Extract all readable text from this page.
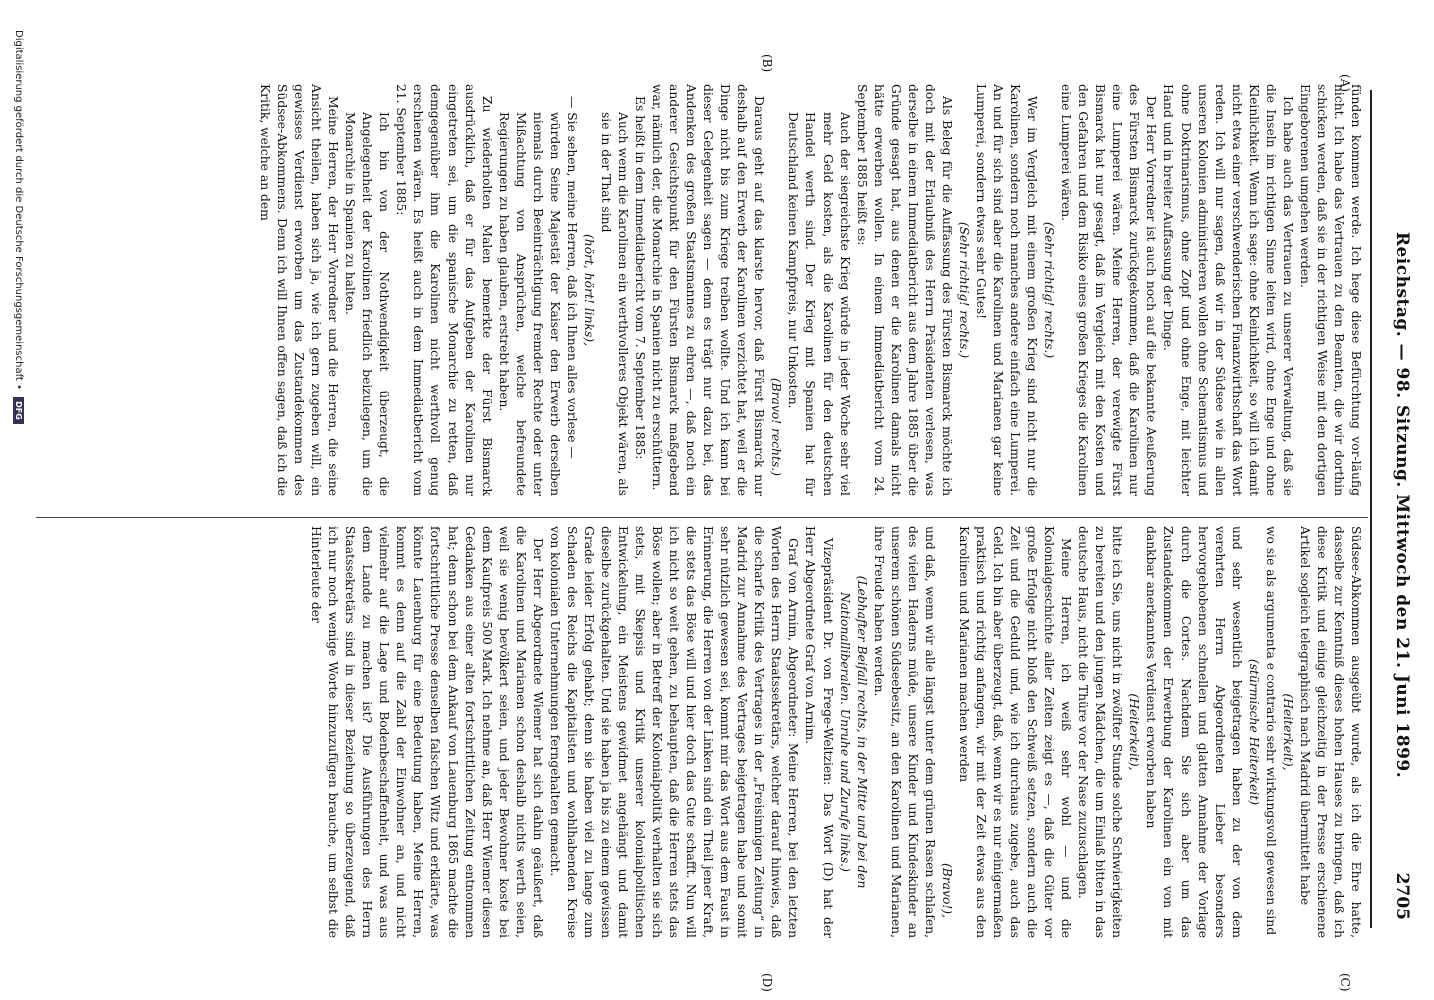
Reichstag. — 98. Sitzung. Mittwoch den 21. Juni 1899.
2705
(A)
(B)
(C)
(D)

fünden kommen werde. Ich hege diese Befürchtung vor-läufig nicht. Ich habe das Vertrauen zu den Beamten, die wir dorthin schicken werden, daß sie in der richtigen Weise mit den dortigen Eingeborenen umgehen werden.

Ich habe auch das Vertrauen zu unserer Verwaltung, daß sie die Inseln im richtigen Sinne leiten wird, ohne Enge und ohne Kleinlichkeit. Wenn ich sage: ohne Kleinlichkeit, so will ich damit nicht etwa einer verschwenderischen Finanzwirthschaft das Wort reden. Ich will nur sagen, daß wir in der Südsee wie in allen unseren Kolonien administrieren wollen ohne Schematismus und ohne Doktrinarismus, ohne Zopf und ohne Enge, mit leichter Hand und in breiter Auffassung der Dinge.

Der Herr Vorredner ist auch noch auf die bekannte Aeußerung des Fürsten Bismarck zurückgekommen, daß die Karolinen nur eine Lumperei wären. Meine Herren, der verewigte Fürst Bismarck hat nur gesagt, daß im Vergleich mit den Kosten und den Gefahren und dem Risiko eines großen Krieges die Karolinen eine Lumperei wären.

(Sehr richtig! rechts.)

Wer im Vergleich mit einem großen Krieg sind nicht nur die Karolinen, sondern noch manches andere einfach eine Lumperei. An und für sich sind aber die Karolinen und Marianen gar keine Lumperei, sondern etwas sehr Gutes!

(Sehr richtig! rechts.)

Als Beleg für die Auffassung des Fürsten Bismarck möchte ich doch mit der Erlaubniß des Herrn Präsidenten verlesen, was derselbe in einem Immediatbericht aus dem Jahre 1885 über die Gründe gesagt hat, aus denen er die Karolinen damals nicht hätte erwerben wollen. In einem Immediatbericht vom 24. September 1885 heißt es:

Auch der siegreichste Krieg würde in jeder Woche sehr viel mehr Geld kosten, als die Karolinen für den deutschen Handel werth sind. Der Krieg mit Spanien hat für Deutschland keinen Kampfpreis, nur Unkosten.

(Bravo! rechts.)

Daraus geht auf das klarste hervor, daß Fürst Bismarck nur deshalb auf den Erwerb der Karolinen verzichtet hat, weil er die Dinge nicht bis zum Kriege treiben wollte. Und ich kann bei dieser Gelegenheit sagen — denn es trägt nur dazu bei, das Andenken des großen Staatsmannes zu ehren —, daß noch ein anderer Gesichtspunkt für den Fürsten Bismarck maßgebend war, nämlich der, die Monarchie in Spanien nicht zu erschüttern.

Es heißt in dem Immediatbericht vom 7. September 1885:

Auch wenn die Karolinen ein werthvolleres Objekt wären, als sie in der That sind

(hört, hört! links),

— Sie sehen, meine Herren, daß ich Ihnen alles vorlese —

würden Seine Majestät der Kaiser den Erwerb derselben niemals durch Beeinträchtigung fremder Rechte oder unter Mißachtung von Ansprüchen, welche befreundete Regierungen zu haben glauben, erstrebt haben.

Zu wiederholten Malen bemerkte der Fürst Bismarck ausdrücklich, daß er für das Aufgeben der Karolinen nur eingetreten sei, um die spanische Monarchie zu retten, daß demgegenüber ihm die Karolinen nicht werthvoll genug erschienen wären. Es heißt auch in dem Immediatbericht vom 21. September 1885:

Ich bin von der Nothwendigkeit überzeugt, die Angelegenheit der Karolinen friedlich beizulegen, um die Monarchie in Spanien zu halten.

Meine Herren, der Herr Vorredner und die Herren, die seine Ansicht theilen, haben sich ja, wie ich gern zugeben will, ein gewisses Verdienst erworben um das Zustandekommen des Südsee-Abkommens. Denn ich will Ihnen offen sagen, daß ich die Kritik, welche an dem

Südsee-Abkommen ausgeübt wurde, als ich die Ehre hatte, dasselbe zur Kenntniß dieses hohen Hauses zu bringen, daß ich diese Kritik und einige gleichzeitig in der Presse erschienene Artikel sogleich telegraphisch nach Madrid übermittelt habe

(Heiterkeit),

wo sie als argumenta e contrario sehr wirkungsvoll gewesen sind

(stürmische Heiterkeit)

und sehr wesentlich beigetragen haben zu der von dem verehrten Herrn Abgeordneten Lieber besonders hervorgehobenen schnellen und glatten Annahme der Vorlage durch die Cortes. Nachdem Sie sich aber um das Zustandekommen der Erwerbung der Karolinen ein von mit dankbar anerkanntes Verdienst erworben haben

(Heiterkeit),

bitte ich Sie, uns nicht in zwölfter Stunde solche Schwierigkeiten zu bereiten und den jungen Mädchen, die um Einlaß bitten in das deutsche Haus, nicht die Thüre vor der Nase zuzuschlagen.

Meine Herren, ich weiß sehr wohl — und die Kolonialgeschichte aller Zeiten zeigt es —, daß die Güter vor große Erfolge nicht bloß den Schweiß setzen, sondern auch die Zeit und die Geduld und, wie ich durchaus zugebe, auch das Geld. Ich bin aber überzeugt, daß, wenn wir es nur einigermaßen praktisch und richtig anfangen, wir mit der Zeit etwas aus den Karolinen und Marianen machen werden

(Bravo!),

und daß, wenn wir alle längst unter dem grünen Rasen schlafen, des vielen Haderns müde, unsere Kinder und Kindeskinder an unserem schönen Südseebesitz, an den Karolinen und Marianen, ihre Freude haben werden.

(Lebhafter Beifall rechts, in der Mitte und bei den Nationalliberalen. Unruhe und Zurufe links.)

Vizepräsident Dr. von Frege-Weltzien: Das Wort (D) hat der Herr Abgeordnete Graf von Arnim.

Graf von Arnim, Abgeordneter: Meine Herren, bei den letzten Worten des Herrn Staatssekretärs, welcher darauf hinwies, daß die scharfe Kritik des Vertrages in der „Freisinnigen Zeitung“ in Madrid zur Annahme des Vertrages beigetragen habe und somit sehr nützlich gewesen sei, kommt mir das Wort aus dem Faust in Erinnerung, die Herren von der Linken sind ein Theil jener Kraft, die stets das Böse will und hier doch das Gute schafft. Nun will ich nicht so weit gehen, zu behaupten, daß die Herren stets das Böse wollen; aber in Betreff der Kolonialpolitik verhalten sie sich stets, mit Skepsis und Kritik unserer kolonialpolitischen Entwickelung, ein Meistens gewidmet angehängt und damit dieselbe zurückgehalten. Und sie haben ja bis zu einem gewissen Grade leider Erfolg gehabt; denn sie haben viel zu lange zum Schaden des Reichs die Kapitalisten und wohlhabenden Kreise von kolonialen Unternehmungen ferngehalten gemacht.

Der Herr Abgeordnete Wiemer hat sich dahin geäußert, daß die Karolinen und Marianen schon deshalb nichts werth seien, weil sie wenig bevölkert seien, und jeder Bewohner koste bei dem Kaufpreis 500 Mark. Ich nehme an, daß Herr Wiemer diesen Gedanken aus einer alten fortschrittlichen Zeitung entnommen hat; denn schon bei dem Ankauf von Lauenburg 1865 machte die fortschrittliche Presse denselben falschen Witz und erklärte, was könnte Lauenburg für eine Bedeutung haben, Meine Herren, kommt es denn auf die Zahl der Einwohner an, und nicht vielmehr auf die Lage und Bodenbeschaffenheit, und was aus dem Lande zu machen ist? Die Ausführungen des Herrn Staatssekretärs sind in dieser Beziehung so überzeugend, daß ich nur noch wenige Worte hinzuzufügen brauche, um selbst die Hinterleute der

Digitalisierung gefördert durch die Deutsche Forschungsgemeinschaft • DFG
